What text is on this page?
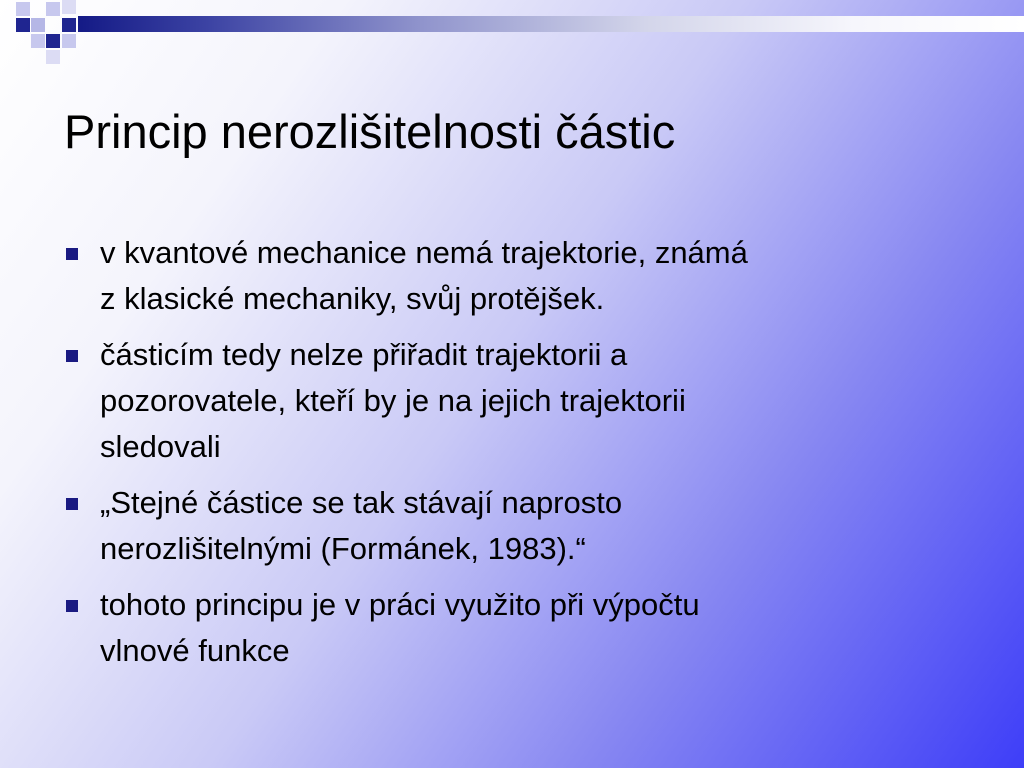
Princip nerozlišitelnosti částic
v kvantové mechanice nemá trajektorie, známá
z klasické mechaniky, svůj protějšek.
částicím tedy nelze přiřadit trajektorii a
pozorovatele, kteří by je na jejich trajektorii
sledovali
„Stejné částice se tak stávají naprosto
nerozlišitelnými (Formánek, 1983).“
tohoto principu je v práci využito při výpočtu
vlnové funkce
